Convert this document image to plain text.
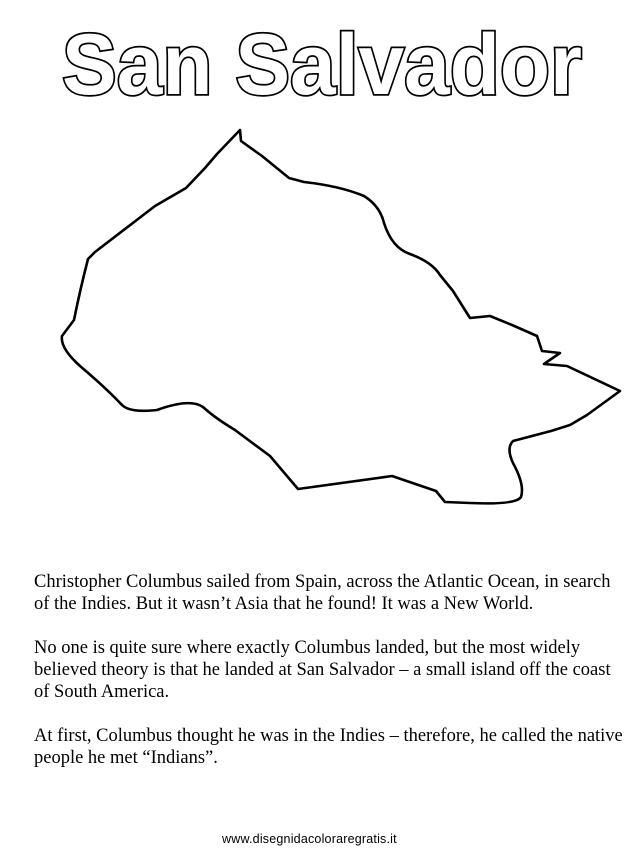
San Salvador

Christopher Columbus sailed from Spain, across the Atlantic Ocean, in search of the Indies. But it wasn’t Asia that he found! It was a New World.

No one is quite sure where exactly Columbus landed, but the most widely believed theory is that he landed at San Salvador – a small island off the coast of South America.

At first, Columbus thought he was in the Indies – therefore, he called the native people he met “Indians”.

www.disegnidacoloraregratis.it
